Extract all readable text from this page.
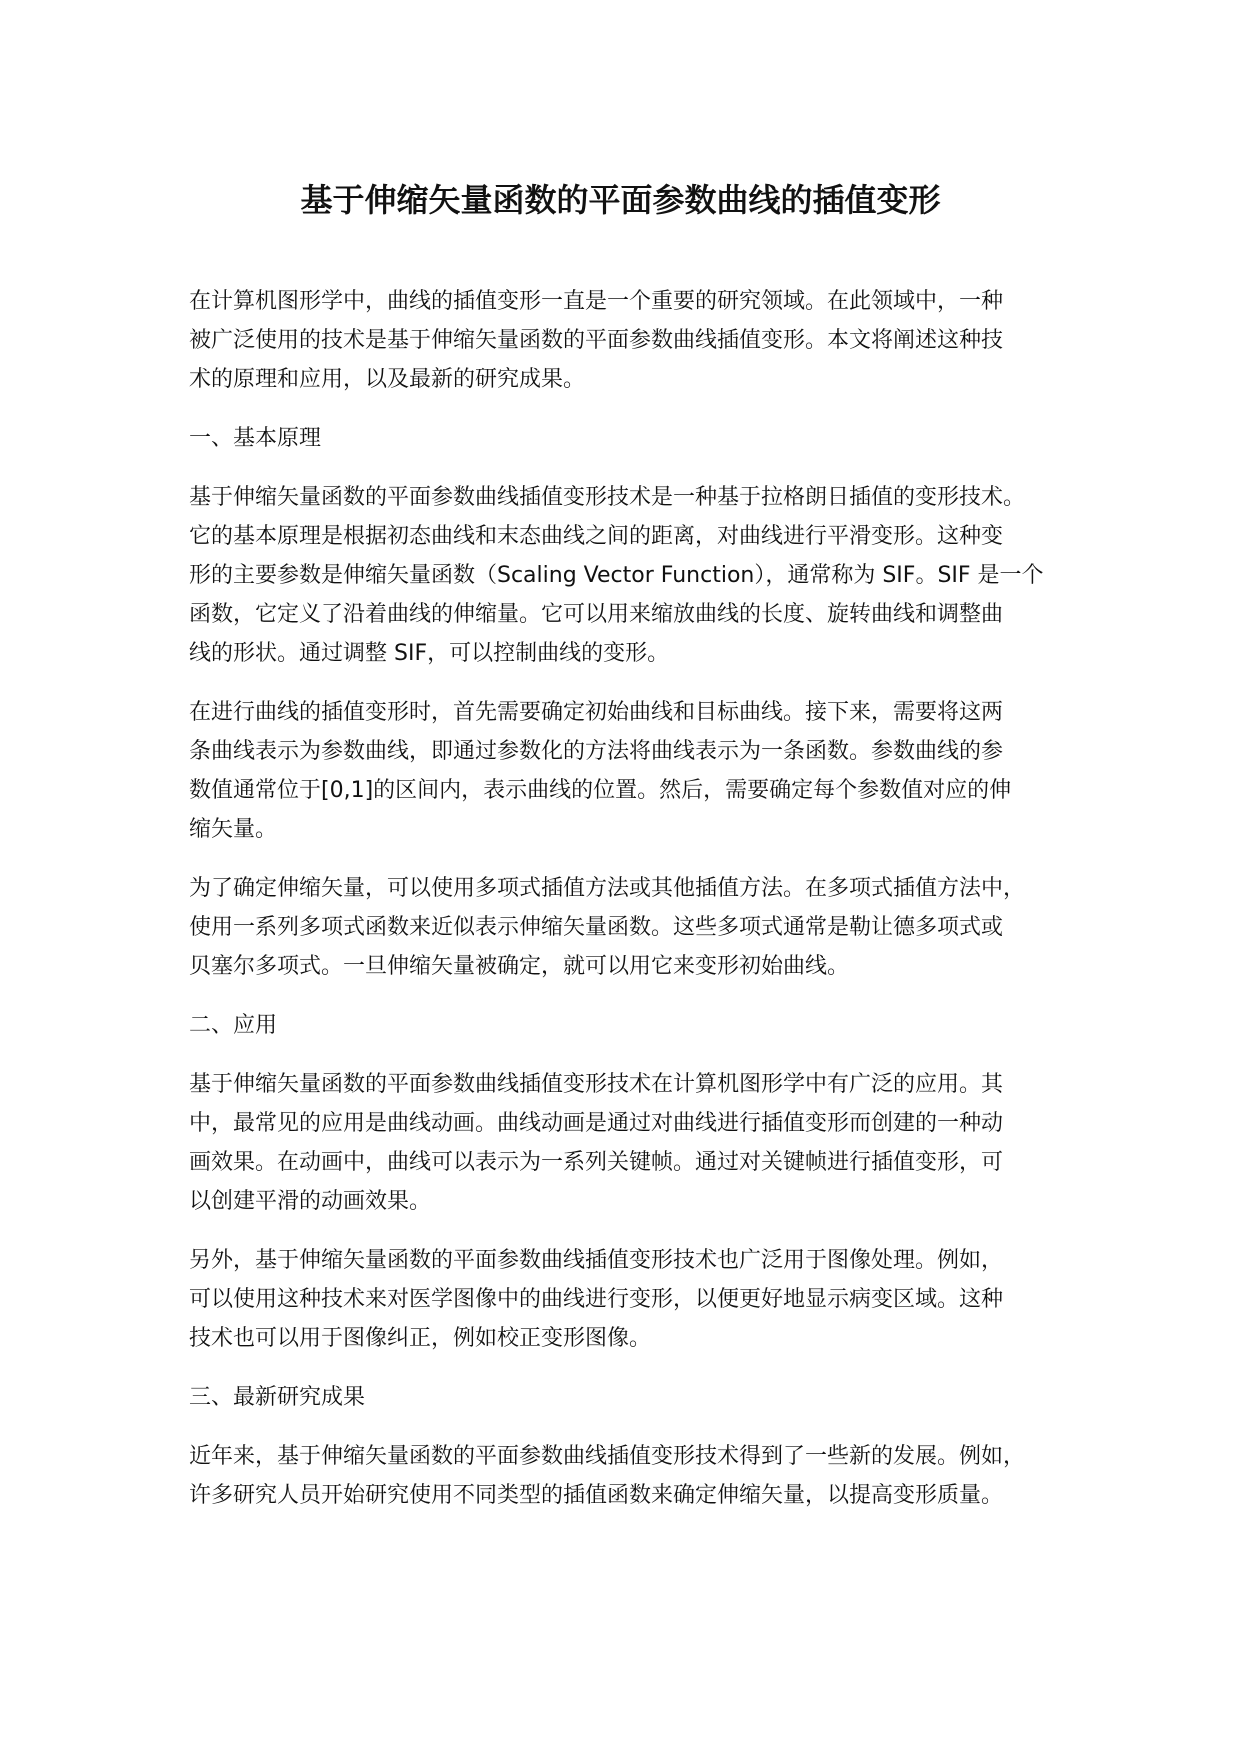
基于伸缩矢量函数的平面参数曲线的插值变形

在计算机图形学中，曲线的插值变形一直是一个重要的研究领域。在此领域中，一种
被广泛使用的技术是基于伸缩矢量函数的平面参数曲线插值变形。本文将阐述这种技
术的原理和应用，以及最新的研究成果。

一、基本原理

基于伸缩矢量函数的平面参数曲线插值变形技术是一种基于拉格朗日插值的变形技术。
它的基本原理是根据初态曲线和末态曲线之间的距离，对曲线进行平滑变形。这种变
形的主要参数是伸缩矢量函数（Scaling Vector Function），通常称为 SIF。SIF 是一个
函数，它定义了沿着曲线的伸缩量。它可以用来缩放曲线的长度、旋转曲线和调整曲
线的形状。通过调整 SIF，可以控制曲线的变形。

在进行曲线的插值变形时，首先需要确定初始曲线和目标曲线。接下来，需要将这两
条曲线表示为参数曲线，即通过参数化的方法将曲线表示为一条函数。参数曲线的参
数值通常位于[0,1]的区间内，表示曲线的位置。然后，需要确定每个参数值对应的伸
缩矢量。

为了确定伸缩矢量，可以使用多项式插值方法或其他插值方法。在多项式插值方法中，
使用一系列多项式函数来近似表示伸缩矢量函数。这些多项式通常是勒让德多项式或
贝塞尔多项式。一旦伸缩矢量被确定，就可以用它来变形初始曲线。

二、应用

基于伸缩矢量函数的平面参数曲线插值变形技术在计算机图形学中有广泛的应用。其
中，最常见的应用是曲线动画。曲线动画是通过对曲线进行插值变形而创建的一种动
画效果。在动画中，曲线可以表示为一系列关键帧。通过对关键帧进行插值变形，可
以创建平滑的动画效果。

另外，基于伸缩矢量函数的平面参数曲线插值变形技术也广泛用于图像处理。例如，
可以使用这种技术来对医学图像中的曲线进行变形，以便更好地显示病变区域。这种
技术也可以用于图像纠正，例如校正变形图像。

三、最新研究成果

近年来，基于伸缩矢量函数的平面参数曲线插值变形技术得到了一些新的发展。例如，
许多研究人员开始研究使用不同类型的插值函数来确定伸缩矢量，以提高变形质量。
